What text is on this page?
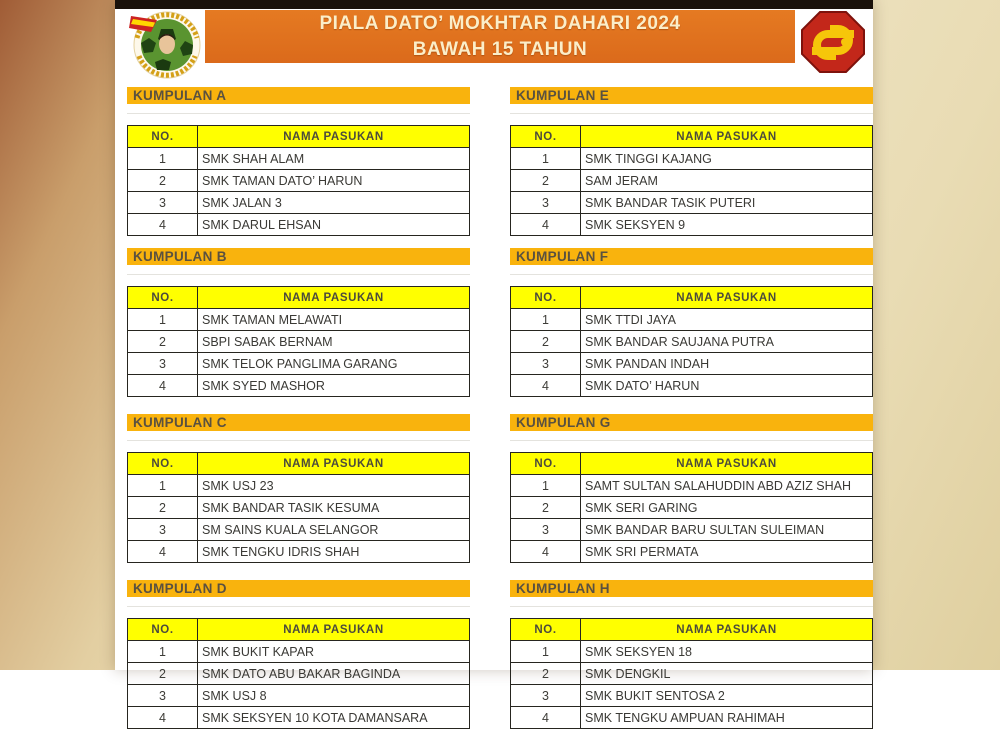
PIALA DATO’ MOKHTAR DAHARI 2024
BAWAH 15 TAHUN
KUMPULAN A
NO.	NAMA PASUKAN
1	SMK SHAH ALAM
2	SMK TAMAN DATO’ HARUN
3	SMK JALAN 3
4	SMK DARUL EHSAN
KUMPULAN B
NO.	NAMA PASUKAN
1	SMK TAMAN MELAWATI
2	SBPI SABAK BERNAM
3	SMK TELOK PANGLIMA GARANG
4	SMK SYED MASHOR
KUMPULAN C
NO.	NAMA PASUKAN
1	SMK USJ 23
2	SMK BANDAR TASIK KESUMA
3	SM SAINS KUALA SELANGOR
4	SMK TENGKU IDRIS SHAH
KUMPULAN D
NO.	NAMA PASUKAN
1	SMK BUKIT KAPAR
2	SMK DATO ABU BAKAR BAGINDA
3	SMK USJ 8
4	SMK SEKSYEN 10 KOTA DAMANSARA
KUMPULAN E
NO.	NAMA PASUKAN
1	SMK TINGGI KAJANG
2	SAM JERAM
3	SMK BANDAR TASIK PUTERI
4	SMK SEKSYEN 9
KUMPULAN F
NO.	NAMA PASUKAN
1	SMK TTDI JAYA
2	SMK BANDAR SAUJANA PUTRA
3	SMK PANDAN INDAH
4	SMK DATO’ HARUN
KUMPULAN G
NO.	NAMA PASUKAN
1	SAMT SULTAN SALAHUDDIN ABD AZIZ SHAH
2	SMK SERI GARING
3	SMK BANDAR BARU SULTAN SULEIMAN
4	SMK SRI PERMATA
KUMPULAN H
NO.	NAMA PASUKAN
1	SMK SEKSYEN 18
2	SMK DENGKIL
3	SMK BUKIT SENTOSA 2
4	SMK TENGKU AMPUAN RAHIMAH
